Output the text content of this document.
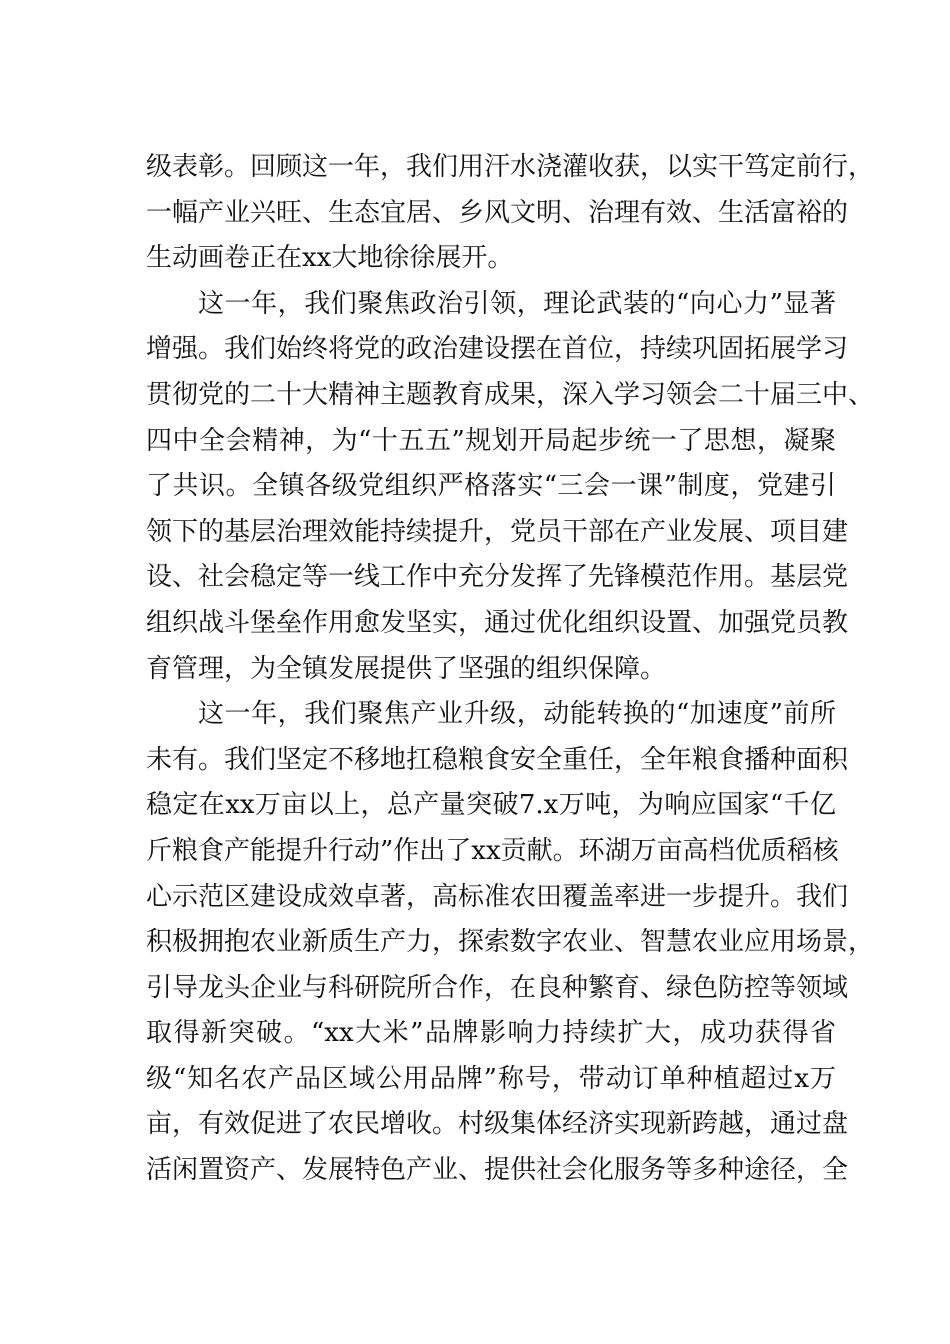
级表彰。回顾这一年，我们用汗水浇灌收获，以实干笃定前行，
一幅产业兴旺、生态宜居、乡风文明、治理有效、生活富裕的
生动画卷正在xx大地徐徐展开。
这一年，我们聚焦政治引领，理论武装的“向心力”显著
增强。我们始终将党的政治建设摆在首位，持续巩固拓展学习
贯彻党的二十大精神主题教育成果，深入学习领会二十届三中、
四中全会精神，为“十五五”规划开局起步统一了思想，凝聚
了共识。全镇各级党组织严格落实“三会一课”制度，党建引
领下的基层治理效能持续提升，党员干部在产业发展、项目建
设、社会稳定等一线工作中充分发挥了先锋模范作用。基层党
组织战斗堡垒作用愈发坚实，通过优化组织设置、加强党员教
育管理，为全镇发展提供了坚强的组织保障。
这一年，我们聚焦产业升级，动能转换的“加速度”前所
未有。我们坚定不移地扛稳粮食安全重任，全年粮食播种面积
稳定在xx万亩以上，总产量突破7.x万吨，为响应国家“千亿
斤粮食产能提升行动”作出了xx贡献。环湖万亩高档优质稻核
心示范区建设成效卓著，高标准农田覆盖率进一步提升。我们
积极拥抱农业新质生产力，探索数字农业、智慧农业应用场景，
引导龙头企业与科研院所合作，在良种繁育、绿色防控等领域
取得新突破。“xx大米”品牌影响力持续扩大，成功获得省
级“知名农产品区域公用品牌”称号，带动订单种植超过x万
亩，有效促进了农民增收。村级集体经济实现新跨越，通过盘
活闲置资产、发展特色产业、提供社会化服务等多种途径，全
